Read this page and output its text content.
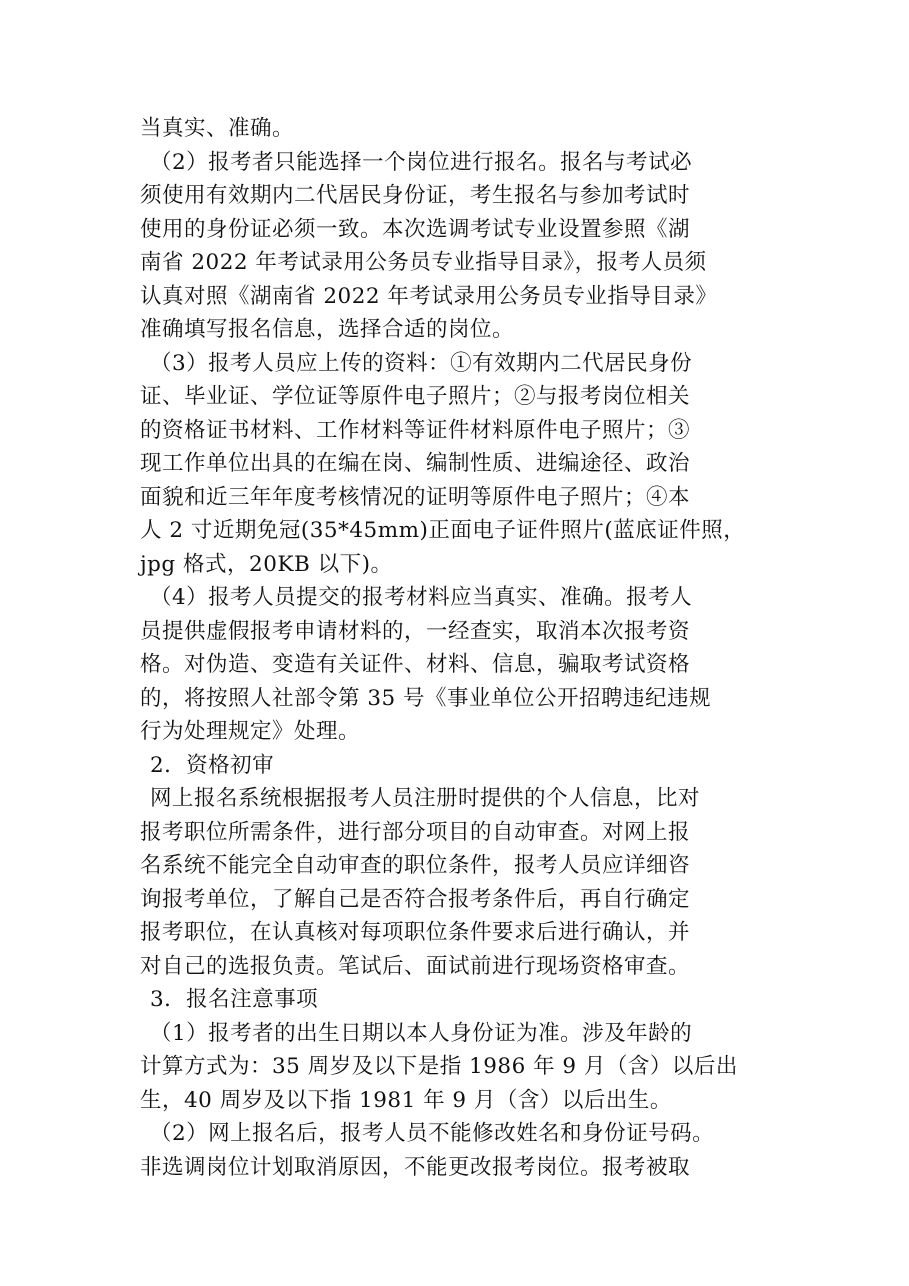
当真实、准确。
（2）报考者只能选择一个岗位进行报名。报名与考试必
须使用有效期内二代居民身份证，考生报名与参加考试时
使用的身份证必须一致。本次选调考试专业设置参照《湖
南省 2022 年考试录用公务员专业指导目录》，报考人员须
认真对照《湖南省 2022 年考试录用公务员专业指导目录》
准确填写报名信息，选择合适的岗位。
（3）报考人员应上传的资料：①有效期内二代居民身份
证、毕业证、学位证等原件电子照片；②与报考岗位相关
的资格证书材料、工作材料等证件材料原件电子照片；③
现工作单位出具的在编在岗、编制性质、进编途径、政治
面貌和近三年年度考核情况的证明等原件电子照片；④本
人 2 寸近期免冠(35*45mm)正面电子证件照片(蓝底证件照，
jpg 格式，20KB 以下)。
（4）报考人员提交的报考材料应当真实、准确。报考人
员提供虚假报考申请材料的，一经查实，取消本次报考资
格。对伪造、变造有关证件、材料、信息，骗取考试资格
的，将按照人社部令第 35 号《事业单位公开招聘违纪违规
行为处理规定》处理。
2．资格初审
网上报名系统根据报考人员注册时提供的个人信息，比对
报考职位所需条件，进行部分项目的自动审查。对网上报
名系统不能完全自动审查的职位条件，报考人员应详细咨
询报考单位，了解自己是否符合报考条件后，再自行确定
报考职位，在认真核对每项职位条件要求后进行确认，并
对自己的选报负责。笔试后、面试前进行现场资格审查。
3．报名注意事项
（1）报考者的出生日期以本人身份证为准。涉及年龄的
计算方式为：35 周岁及以下是指 1986 年 9 月（含）以后出
生，40 周岁及以下指 1981 年 9 月（含）以后出生。
（2）网上报名后，报考人员不能修改姓名和身份证号码。
非选调岗位计划取消原因，不能更改报考岗位。报考被取
